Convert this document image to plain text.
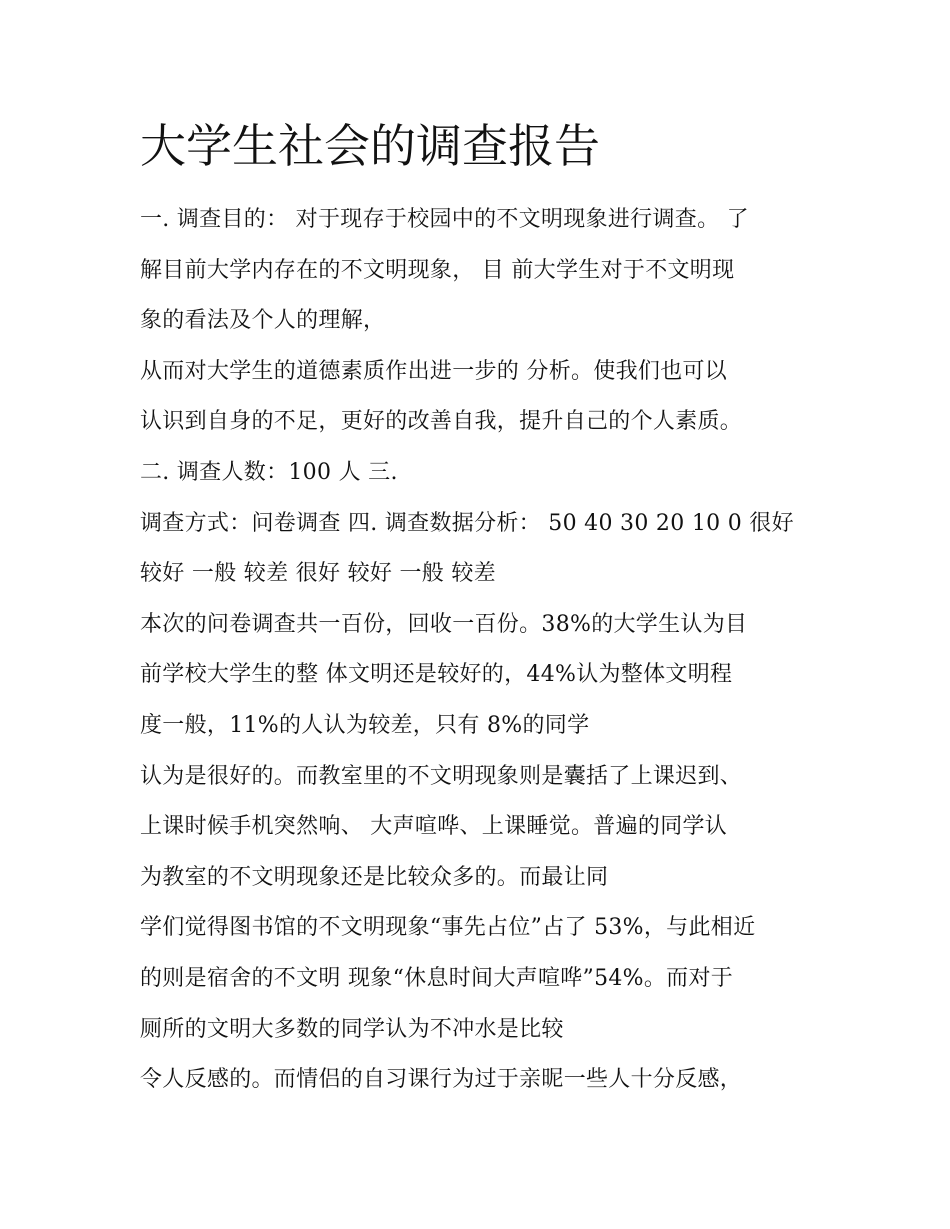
大学生社会的调查报告
一. 调查目的： 对于现存于校园中的不文明现象进行调查。 了
解目前大学内存在的不文明现象， 目 前大学生对于不文明现
象的看法及个人的理解，
从而对大学生的道德素质作出进一步的 分析。使我们也可以
认识到自身的不足，更好的改善自我，提升自己的个人素质。
二. 调查人数：100 人 三.
调查方式：问卷调查 四. 调查数据分析： 50 40 30 20 10 0 很好
较好 一般 较差 很好 较好 一般 较差
本次的问卷调查共一百份，回收一百份。38%的大学生认为目
前学校大学生的整 体文明还是较好的，44%认为整体文明程
度一般，11%的人认为较差，只有 8%的同学
认为是很好的。而教室里的不文明现象则是囊括了上课迟到、
上课时候手机突然响、 大声喧哗、上课睡觉。普遍的同学认
为教室的不文明现象还是比较众多的。而最让同
学们觉得图书馆的不文明现象“事先占位”占了 53%，与此相近
的则是宿舍的不文明 现象“休息时间大声喧哗”54%。而对于
厕所的文明大多数的同学认为不冲水是比较
令人反感的。而情侣的自习课行为过于亲昵一些人十分反感，
